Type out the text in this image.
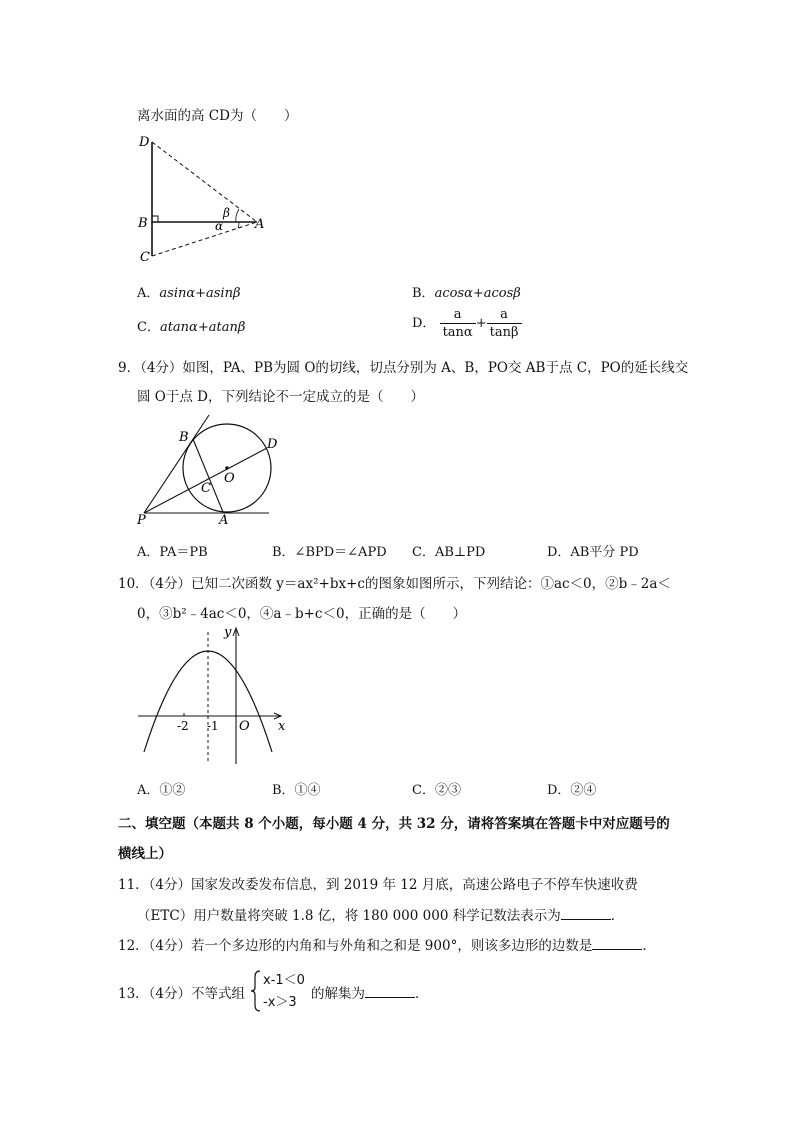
离水面的高 CD为（　　）
D
B
C
A
β
α
A．asinα+asinβ	B．acosα+acosβ
C．atanα+atanβ	D． $\frac{a}{\tan\alpha} + \frac{a}{\tan\beta}$
9．（4分）如图，PA、PB为圆 O的切线，切点分别为 A、B，PO交 AB于点 C，PO的延长线交
圆 O于点 D，下列结论不一定成立的是（　　）
B	D
O
C
P	A
A．PA＝PB	B．∠BPD＝∠APD C．AB⊥PD	D．AB平分 PD
10．（4分）已知二次函数 y＝ax²+bx+c的图象如图所示，下列结论：①ac＜0，②b﹣2a＜
0，③b²﹣4ac＜0，④a﹣b+c＜0，正确的是（　　）
y
x
O
-2 -1
A．①②	B．①④	C．②③	D．②④
二、填空题（本题共 8 个小题，每小题 4 分，共 32 分，请将答案填在答题卡中对应题号的
横线上）
11．（4分）国家发改委发布信息，到 2019 年 12 月底，高速公路电子不停车快速收费
（ETC）用户数量将突破 1.8 亿，将 180 000 000 科学记数法表示为	．
12．（4分）若一个多边形的内角和与外角和之和是 900°，则该多边形的边数是	．
13．（4分）不等式组
x-1＜0
-x＞3
的解集为	．
